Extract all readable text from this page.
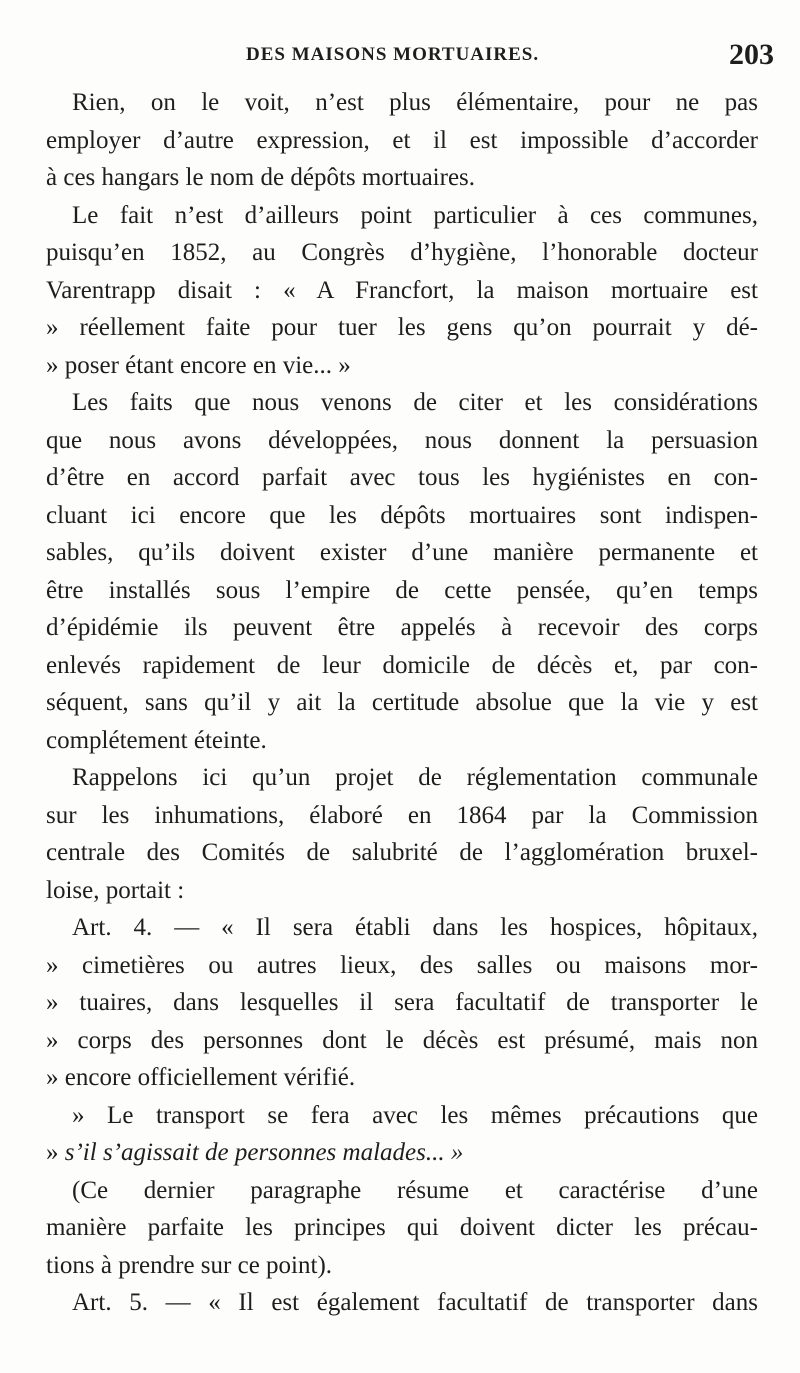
DES MAISONS MORTUAIRES.	203
Rien, on le voit, n’est plus élémentaire, pour ne pas
employer d’autre expression, et il est impossible d’accorder
à ces hangars le nom de dépôts mortuaires.
Le fait n’est d’ailleurs point particulier à ces communes,
puisqu’en 1852, au Congrès d’hygiène, l’honorable docteur
Varentrapp disait : « A Francfort, la maison mortuaire est
» réellement faite pour tuer les gens qu’on pourrait y dé-
» poser étant encore en vie... »
Les faits que nous venons de citer et les considérations
que nous avons développées, nous donnent la persuasion
d’être en accord parfait avec tous les hygiénistes en con-
cluant ici encore que les dépôts mortuaires sont indispen-
sables, qu’ils doivent exister d’une manière permanente et
être installés sous l’empire de cette pensée, qu’en temps
d’épidémie ils peuvent être appelés à recevoir des corps
enlevés rapidement de leur domicile de décès et, par con-
séquent, sans qu’il y ait la certitude absolue que la vie y est
complétement éteinte.
Rappelons ici qu’un projet de réglementation communale
sur les inhumations, élaboré en 1864 par la Commission
centrale des Comités de salubrité de l’agglomération bruxel-
loise, portait :
Art. 4. — « Il sera établi dans les hospices, hôpitaux,
» cimetières ou autres lieux, des salles ou maisons mor-
» tuaires, dans lesquelles il sera facultatif de transporter le
» corps des personnes dont le décès est présumé, mais non
» encore officiellement vérifié.
» Le transport se fera avec les mêmes précautions que
» s’il s’agissait de personnes malades... »
(Ce dernier paragraphe résume et caractérise d’une
manière parfaite les principes qui doivent dicter les précau-
tions à prendre sur ce point).
Art. 5. — « Il est également facultatif de transporter dans
